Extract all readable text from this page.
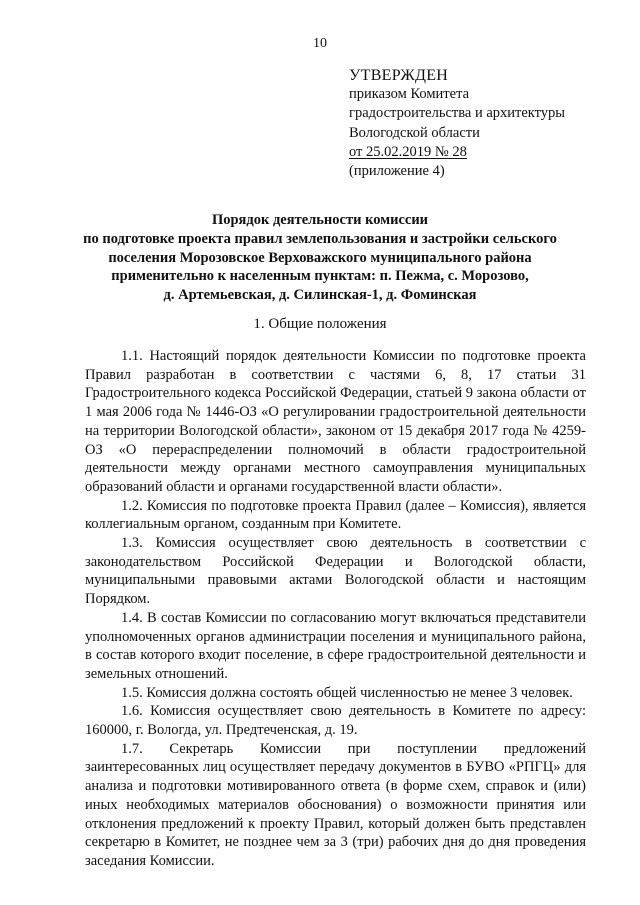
10
УТВЕРЖДЕН
приказом Комитета
градостроительства и архитектуры
Вологодской области
от 25.02.2019 № 28
(приложение 4)
Порядок деятельности комиссии
по подготовке проекта правил землепользования и застройки сельского
поселения Морозовское Верховажского муниципального района
применительно к населенным пунктам: п. Пежма, с. Морозово,
д. Артемьевская, д. Силинская-1, д. Фоминская
1. Общие положения

1.1. Настоящий порядок деятельности Комиссии по подготовке проекта Правил разработан в соответствии с частями 6, 8, 17 статьи 31 Градостроительного кодекса Российской Федерации, статьей 9 закона области от 1 мая 2006 года № 1446-ОЗ «О регулировании градостроительной деятельности на территории Вологодской области», законом от 15 декабря 2017 года № 4259-ОЗ «О перераспределении полномочий в области градостроительной деятельности между органами местного самоуправления муниципальных образований области и органами государственной власти области».

1.2. Комиссия по подготовке проекта Правил (далее – Комиссия), является коллегиальным органом, созданным при Комитете.

1.3. Комиссия осуществляет свою деятельность в соответствии с законодательством Российской Федерации и Вологодской области, муниципальными правовыми актами Вологодской области и настоящим Порядком.

1.4. В состав Комиссии по согласованию могут включаться представители уполномоченных органов администрации поселения и муниципального района, в состав которого входит поселение, в сфере градостроительной деятельности и земельных отношений.

1.5. Комиссия должна состоять общей численностью не менее 3 человек.

1.6. Комиссия осуществляет свою деятельность в Комитете по адресу: 160000, г. Вологда, ул. Предтеченская, д. 19.

1.7. Секретарь Комиссии при поступлении предложений заинтересованных лиц осуществляет передачу документов в БУВО «РПГЦ» для анализа и подготовки мотивированного ответа (в форме схем, справок и (или) иных необходимых материалов обоснования) о возможности принятия или отклонения предложений к проекту Правил, который должен быть представлен секретарю в Комитет, не позднее чем за 3 (три) рабочих дня до дня проведения заседания Комиссии.
